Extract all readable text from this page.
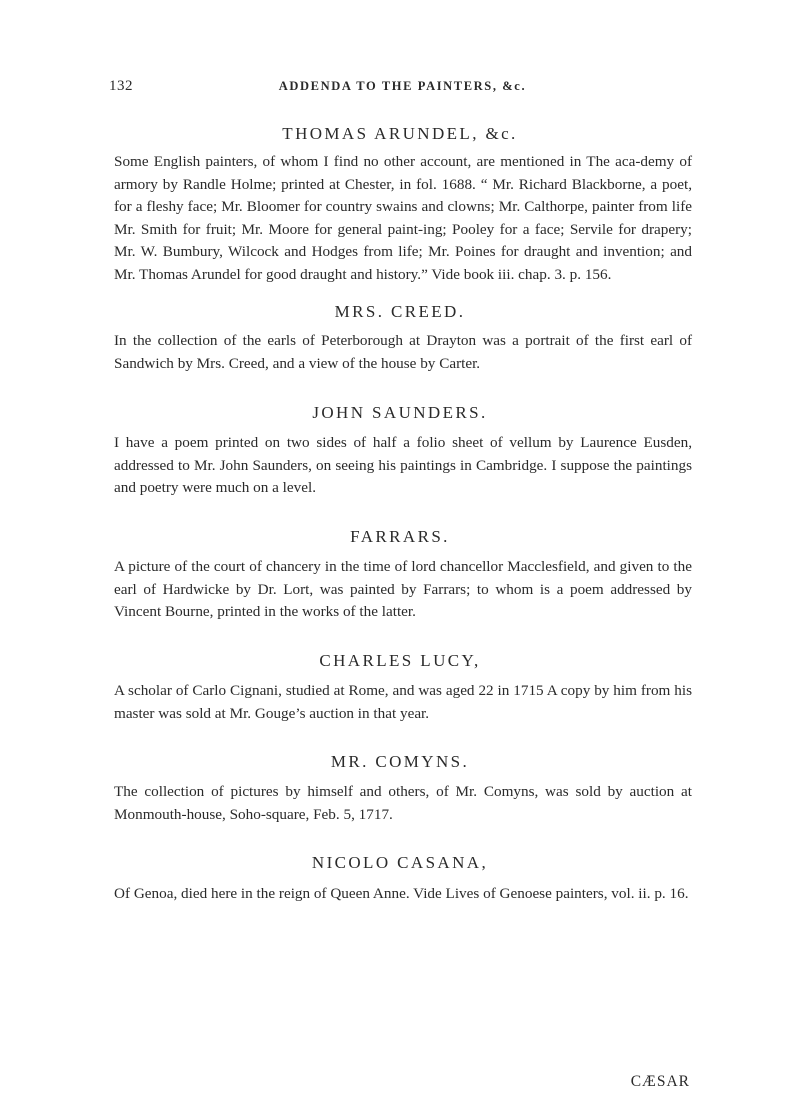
132	ADDENDA TO THE PAINTERS, &c.
THOMAS ARUNDEL, &c.

Some English painters, of whom I find no other account, are mentioned in The aca-demy of armory by Randle Holme; printed at Chester, in fol. 1688. “ Mr. Richard Blackborne, a poet, for a fleshy face; Mr. Bloomer for country swains and clowns; Mr. Calthorpe, painter from life Mr. Smith for fruit; Mr. Moore for general paint-ing; Pooley for a face; Servile for drapery; Mr. W. Bumbury, Wilcock and Hodges from life; Mr. Poines for draught and invention; and Mr. Thomas Arundel for good draught and history.” Vide book iii. chap. 3. p. 156.

MRS. CREED.

In the collection of the earls of Peterborough at Drayton was a portrait of the first earl of Sandwich by Mrs. Creed, and a view of the house by Carter.

JOHN SAUNDERS.

I have a poem printed on two sides of half a folio sheet of vellum by Laurence Eusden, addressed to Mr. John Saunders, on seeing his paintings in Cambridge. I suppose the paintings and poetry were much on a level.

FARRARS.

A picture of the court of chancery in the time of lord chancellor Macclesfield, and given to the earl of Hardwicke by Dr. Lort, was painted by Farrars; to whom is a poem addressed by Vincent Bourne, printed in the works of the latter.

CHARLES LUCY,

A scholar of Carlo Cignani, studied at Rome, and was aged 22 in 1715 A copy by him from his master was sold at Mr. Gouge’s auction in that year.

MR. COMYNS.

The collection of pictures by himself and others, of Mr. Comyns, was sold by auction at Monmouth-house, Soho-square, Feb. 5, 1717.

NICOLO CASANA,

Of Genoa, died here in the reign of Queen Anne. Vide Lives of Genoese painters, vol. ii. p. 16.

CÆSAR
